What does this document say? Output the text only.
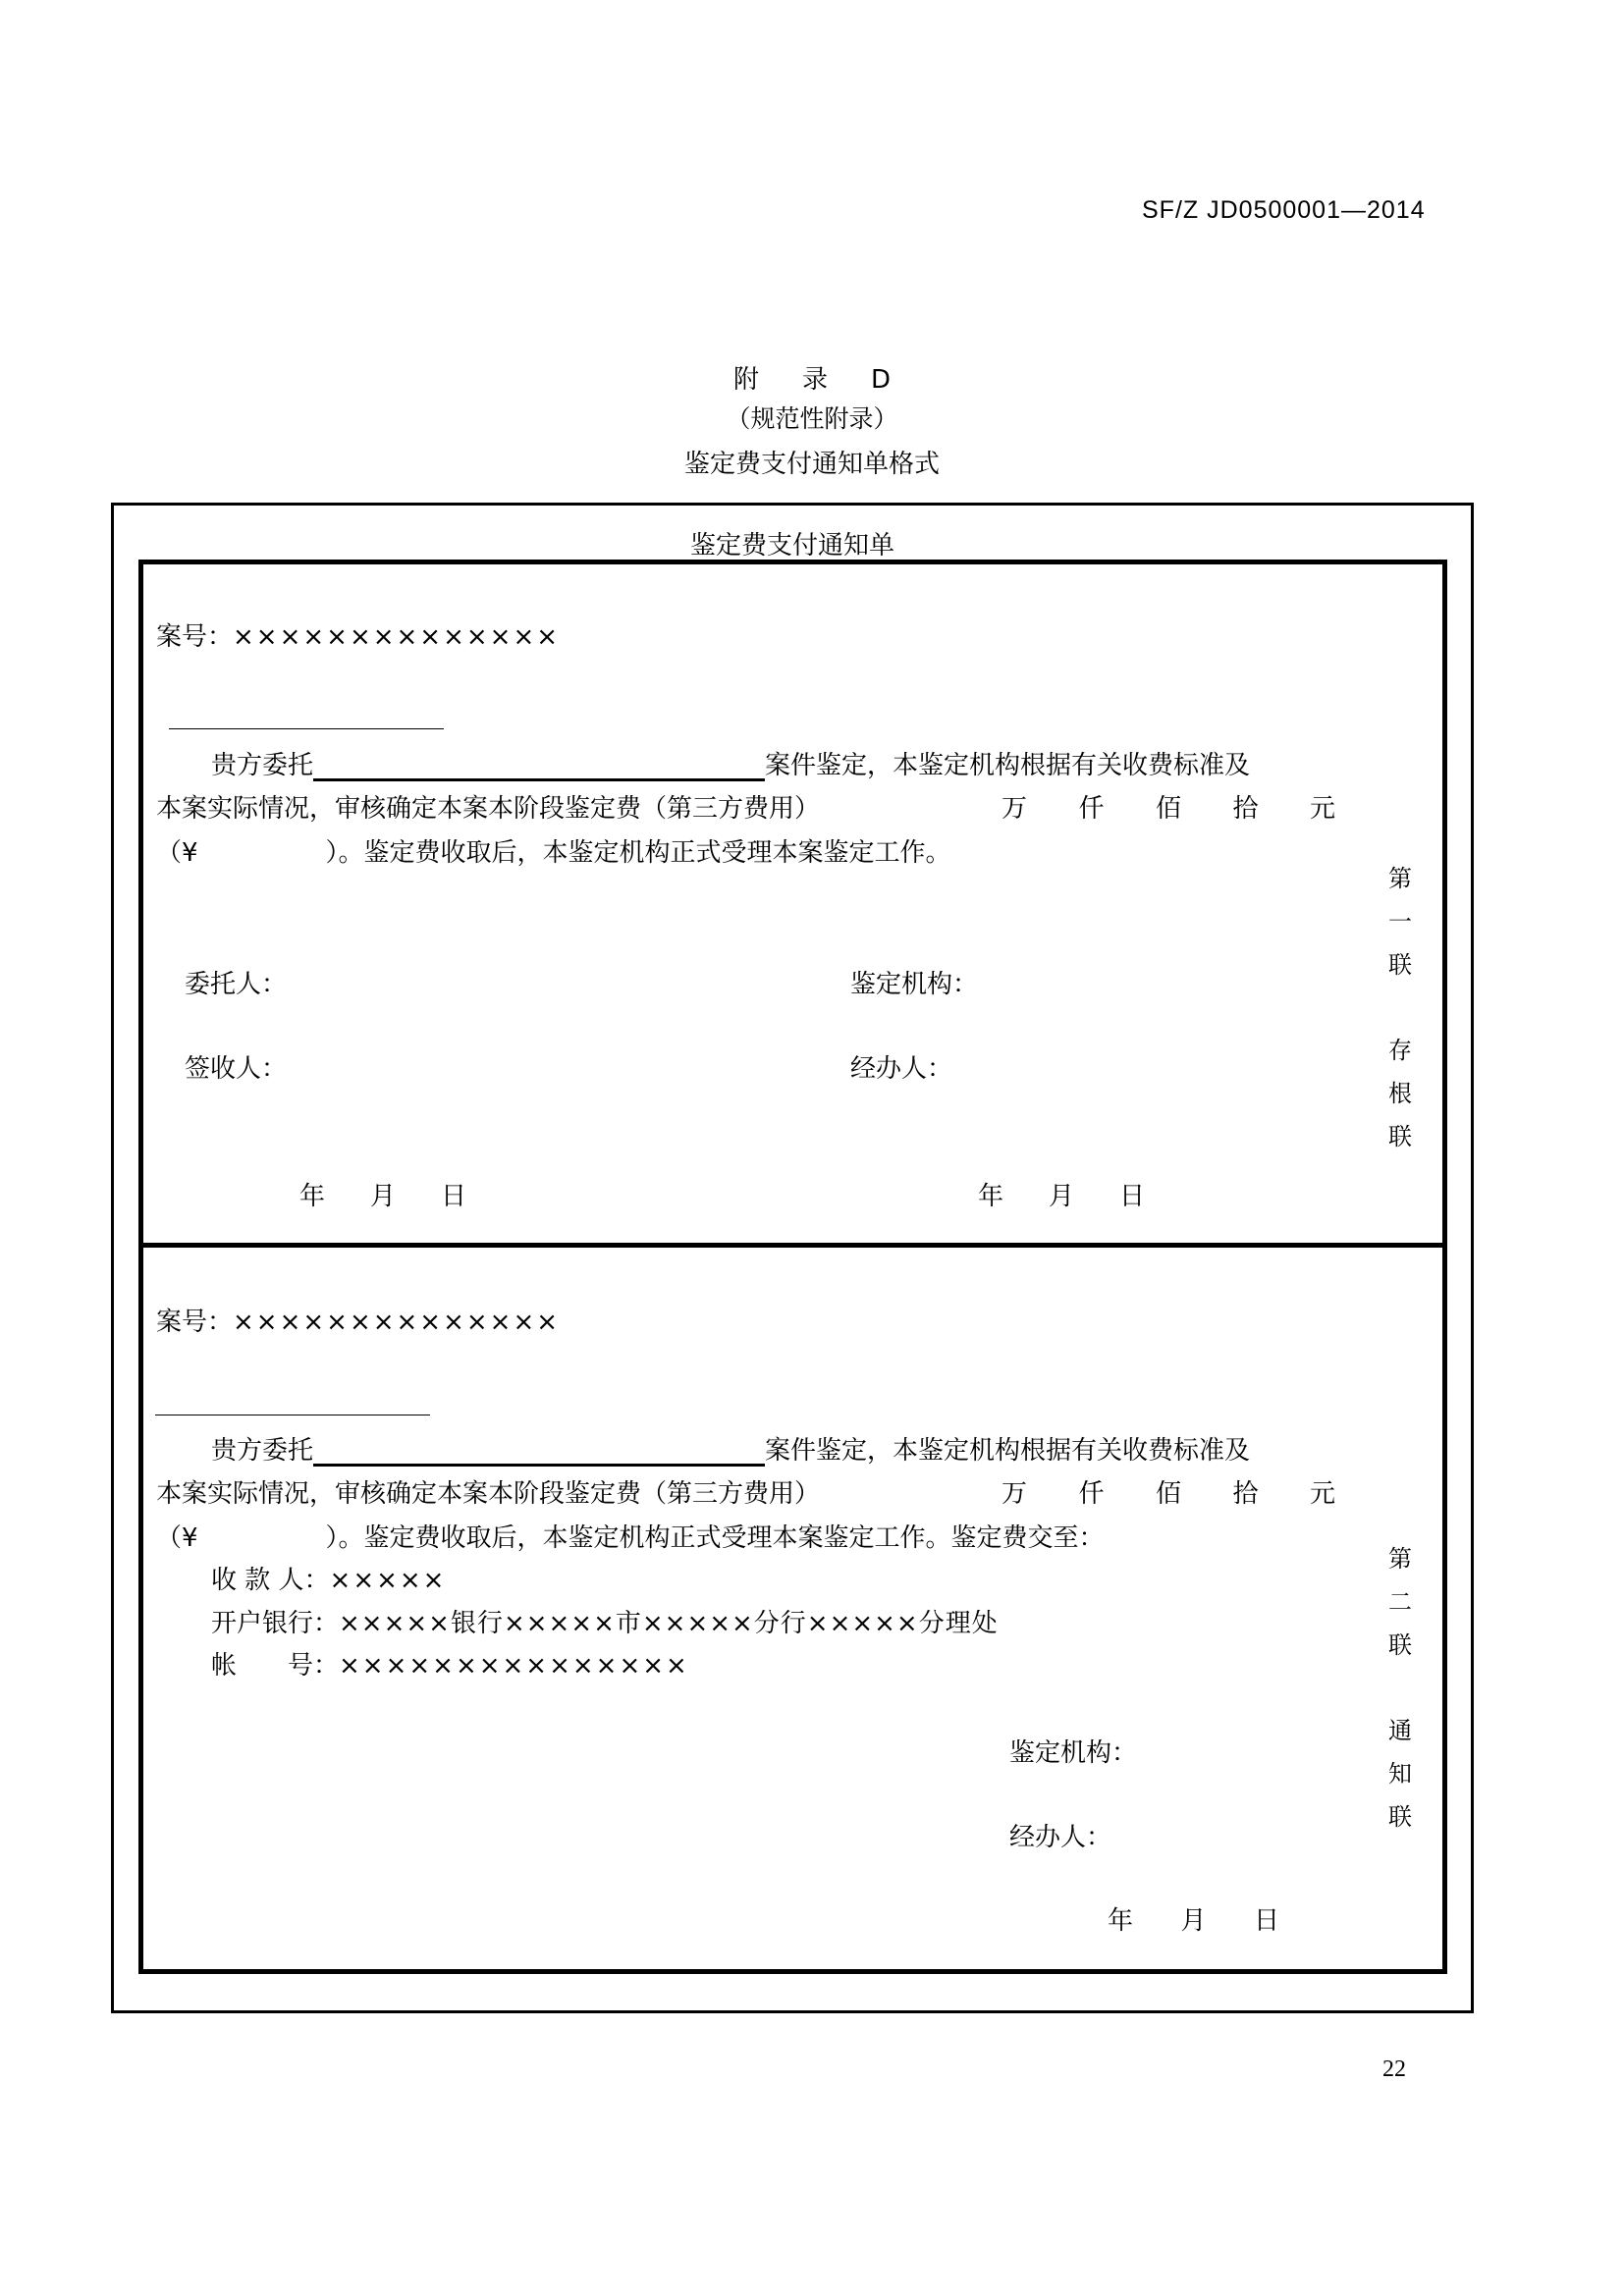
SF/Z JD0500001—2014
附 录 D
（规范性附录）
鉴定费支付通知单格式
鉴定费支付通知单
案号：××××××××××××××
贵方委托	案件鉴定，本鉴定机构根据有关收费标准及
本案实际情况，审核确定本案本阶段鉴定费（第三方费用）	万 仟 佰 拾 元
（¥	）。鉴定费收取后，本鉴定机构正式受理本案鉴定工作。
委托人：	鉴定机构：
签收人：	经办人：
年 月 日	年 月 日
第
一
联
存
根
联
案号：××××××××××××××
贵方委托	案件鉴定，本鉴定机构根据有关收费标准及
本案实际情况，审核确定本案本阶段鉴定费（第三方费用）	万 仟 佰 拾 元
（¥	）。鉴定费收取后，本鉴定机构正式受理本案鉴定工作。鉴定费交至：
收 款 人：×××××
开户银行：×××××银行×××××市×××××分行×××××分理处
帐　　号：×××××××××××××××
鉴定机构：
经办人：
年 月 日
第
二
联
通
知
联
22
